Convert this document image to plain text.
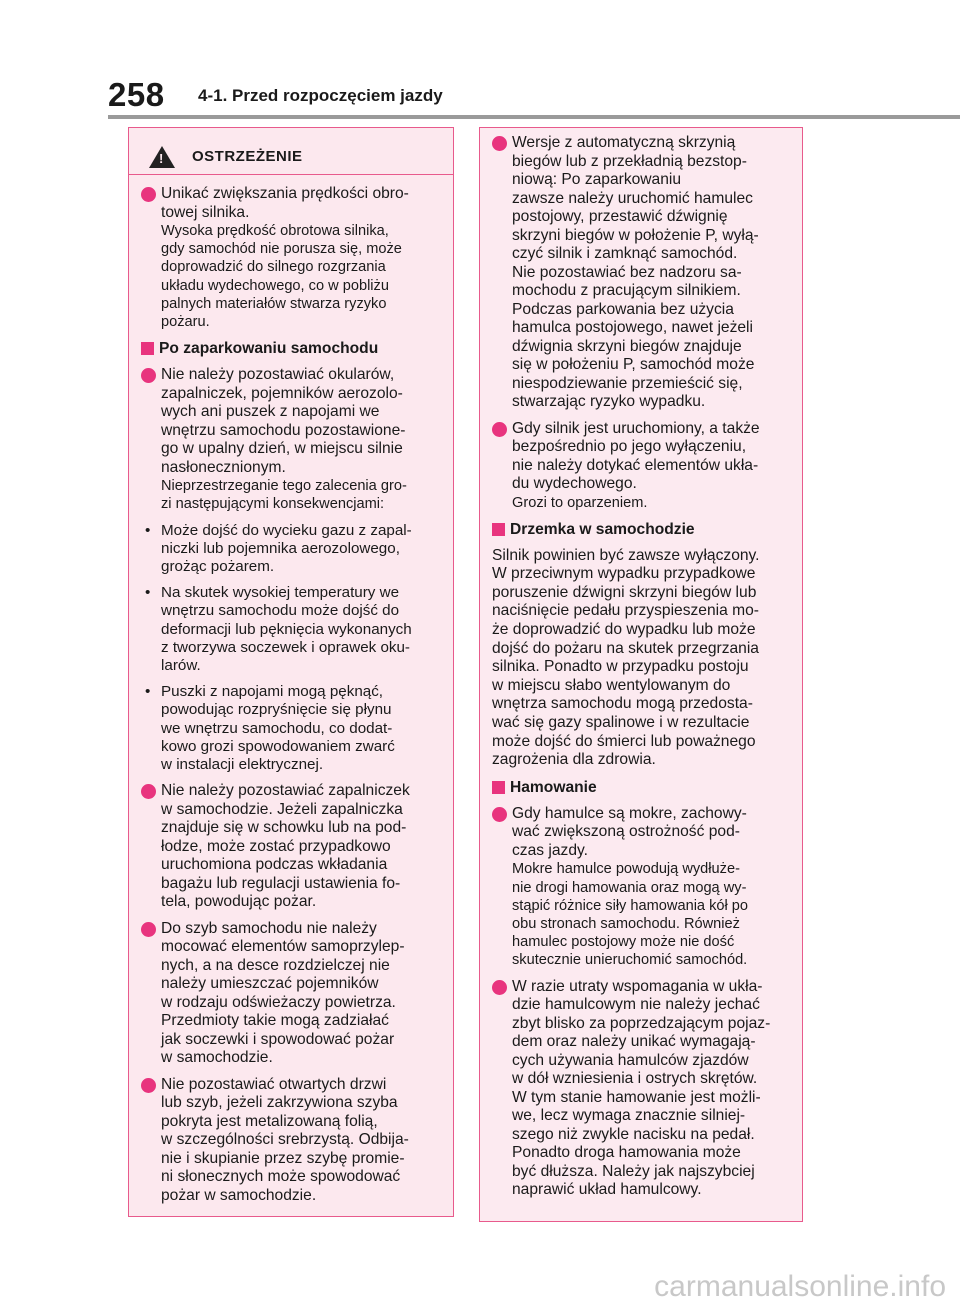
258 4-1. Przed rozpoczęciem jazdy
! OSTRZEŻENIE
Unikać zwiększania prędkości obro-
towej silnika.
Wysoka prędkość obrotowa silnika,
gdy samochód nie porusza się, może
doprowadzić do silnego rozgrzania
układu wydechowego, co w pobliżu
palnych materiałów stwarza ryzyko
pożaru.
Po zaparkowaniu samochodu
Nie należy pozostawiać okularów,
zapalniczek, pojemników aerozolo-
wych ani puszek z napojami we
wnętrzu samochodu pozostawione-
go w upalny dzień, w miejscu silnie
nasłonecznionym.
Nieprzestrzeganie tego zalecenia gro-
zi następującymi konsekwencjami:
• Może dojść do wycieku gazu z zapal-
niczki lub pojemnika aerozolowego,
grożąc pożarem.
• Na skutek wysokiej temperatury we
wnętrzu samochodu może dojść do
deformacji lub pęknięcia wykonanych
z tworzywa soczewek i oprawek oku-
larów.
• Puszki z napojami mogą pęknąć,
powodując rozpryśnięcie się płynu
we wnętrzu samochodu, co dodat-
kowo grozi spowodowaniem zwarć
w instalacji elektrycznej.
Nie należy pozostawiać zapalniczek
w samochodzie. Jeżeli zapalniczka
znajduje się w schowku lub na pod-
łodze, może zostać przypadkowo
uruchomiona podczas wkładania
bagażu lub regulacji ustawienia fo-
tela, powodując pożar.
Do szyb samochodu nie należy
mocować elementów samoprzylep-
nych, a na desce rozdzielczej nie
należy umieszczać pojemników
w rodzaju odświeżaczy powietrza.
Przedmioty takie mogą zadziałać
jak soczewki i spowodować pożar
w samochodzie.
Nie pozostawiać otwartych drzwi
lub szyb, jeżeli zakrzywiona szyba
pokryta jest metalizowaną folią,
w szczególności srebrzystą. Odbija-
nie i skupianie przez szybę promie-
ni słonecznych może spowodować
pożar w samochodzie.
Wersje z automatyczną skrzynią
biegów lub z przekładnią bezstop-
niową: Po zaparkowaniu
zawsze należy uruchomić hamulec
postojowy, przestawić dźwignię
skrzyni biegów w położenie P, wyłą-
czyć silnik i zamknąć samochód.
Nie pozostawiać bez nadzoru sa-
mochodu z pracującym silnikiem.
Podczas parkowania bez użycia
hamulca postojowego, nawet jeżeli
dźwignia skrzyni biegów znajduje
się w położeniu P, samochód może
niespodziewanie przemieścić się,
stwarzając ryzyko wypadku.
Gdy silnik jest uruchomiony, a także
bezpośrednio po jego wyłączeniu,
nie należy dotykać elementów ukła-
du wydechowego.
Grozi to oparzeniem.
Drzemka w samochodzie
Silnik powinien być zawsze wyłączony.
W przeciwnym wypadku przypadkowe
poruszenie dźwigni skrzyni biegów lub
naciśnięcie pedału przyspieszenia mo-
że doprowadzić do wypadku lub może
dojść do pożaru na skutek przegrzania
silnika. Ponadto w przypadku postoju
w miejscu słabo wentylowanym do
wnętrza samochodu mogą przedosta-
wać się gazy spalinowe i w rezultacie
może dojść do śmierci lub poważnego
zagrożenia dla zdrowia.
Hamowanie
Gdy hamulce są mokre, zachowy-
wać zwiększoną ostrożność pod-
czas jazdy.
Mokre hamulce powodują wydłuże-
nie drogi hamowania oraz mogą wy-
stąpić różnice siły hamowania kół po
obu stronach samochodu. Również
hamulec postojowy może nie dość
skutecznie unieruchomić samochód.
W razie utraty wspomagania w ukła-
dzie hamulcowym nie należy jechać
zbyt blisko za poprzedzającym pojaz-
dem oraz należy unikać wymagają-
cych używania hamulców zjazdów
w dół wzniesienia i ostrych skrętów.
W tym stanie hamowanie jest możli-
we, lecz wymaga znacznie silniej-
szego niż zwykle nacisku na pedał.
Ponadto droga hamowania może
być dłuższa. Należy jak najszybciej
naprawić układ hamulcowy.
carmanualsonline.info
